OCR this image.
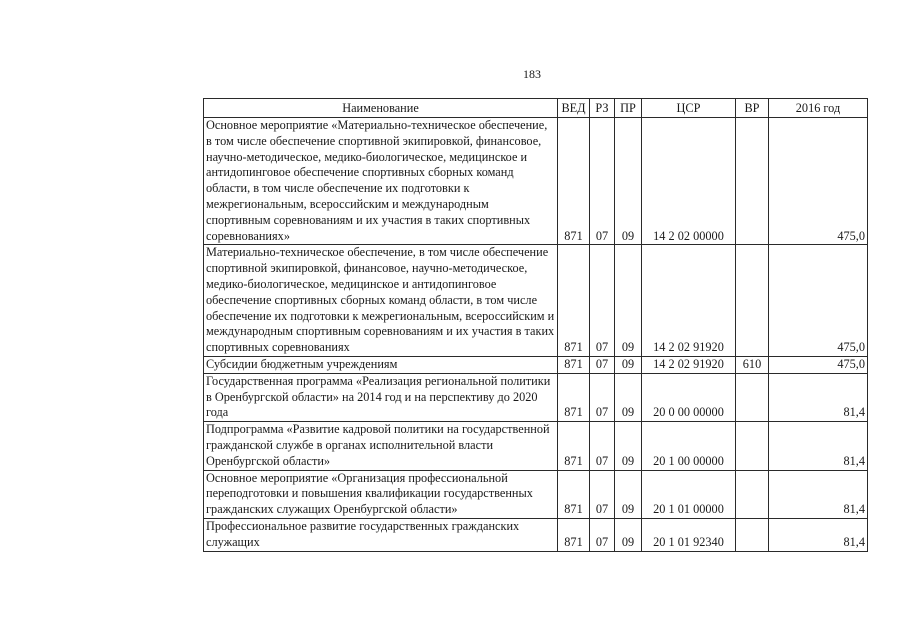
183
Наименование	ВЕД	РЗ	ПР	ЦСР	ВР	2016 год
Основное мероприятие «Материально-техническое обеспечение, в том числе обеспечение спортивной экипировкой, финансовое, научно-методическое, медико-биологическое, медицинское и антидопинговое обеспечение спортивных сборных команд области, в том числе обеспечение их подготовки к межрегиональным, всероссийским и международным спортивным соревнованиям и их участия в таких спортивных соревнованиях»	871	07	09	14 2 02 00000		475,0
Материально-техническое обеспечение, в том числе обеспечение спортивной экипировкой, финансовое, научно-методическое, медико-биологическое, медицинское и антидопинговое обеспечение спортивных сборных команд области, в том числе обеспечение их подготовки к межрегиональным, всероссийским и международным спортивным соревнованиям и их участия в таких спортивных соревнованиях	871	07	09	14 2 02 91920		475,0
Субсидии бюджетным учреждениям	871	07	09	14 2 02 91920	610	475,0
Государственная программа «Реализация региональной политики в Оренбургской области» на 2014 год и на перспективу до 2020 года	871	07	09	20 0 00 00000		81,4
Подпрограмма «Развитие кадровой политики на государственной гражданской службе в органах исполнительной власти Оренбургской области»	871	07	09	20 1 00 00000		81,4
Основное мероприятие «Организация профессиональной переподготовки и повышения квалификации государственных гражданских служащих Оренбургской области»	871	07	09	20 1 01 00000		81,4
Профессиональное развитие государственных гражданских служащих	871	07	09	20 1 01 92340		81,4
